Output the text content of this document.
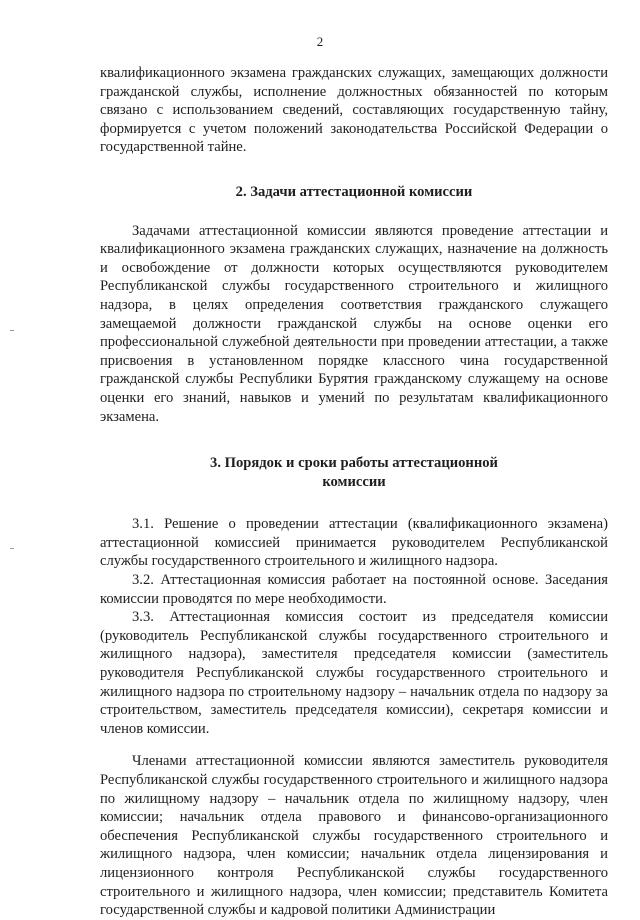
2

квалификационного экзамена гражданских служащих, замещающих должности гражданской службы, исполнение должностных обязанностей по которым связано с использованием сведений, составляющих государственную тайну, формируется с учетом положений законодательства Российской Федерации о государственной тайне.

2. Задачи аттестационной комиссии

Задачами аттестационной комиссии являются проведение аттестации и квалификационного экзамена гражданских служащих, назначение на должность и освобождение от должности которых осуществляются руководителем Республиканской службы государственного строительного и жилищного надзора, в целях определения соответствия гражданского служащего замещаемой должности гражданской службы на основе оценки его профессиональной служебной деятельности при проведении аттестации, а также присвоения в установленном порядке классного чина государственной гражданской службы Республики Бурятия гражданскому служащему на основе оценки его знаний, навыков и умений по результатам квалификационного экзамена.

3. Порядок и сроки работы аттестационной
комиссии

3.1. Решение о проведении аттестации (квалификационного экзамена) аттестационной комиссией принимается руководителем Республиканской службы государственного строительного и жилищного надзора.

3.2. Аттестационная комиссия работает на постоянной основе. Заседания комиссии проводятся по мере необходимости.

3.3. Аттестационная комиссия состоит из председателя комиссии (руководитель Республиканской службы государственного строительного и жилищного надзора), заместителя председателя комиссии (заместитель руководителя Республиканской службы государственного строительного и жилищного надзора по строительному надзору – начальник отдела по надзору за строительством, заместитель председателя комиссии), секретаря комиссии и членов комиссии.

Членами аттестационной комиссии являются заместитель руководителя Республиканской службы государственного строительного и жилищного надзора по жилищному надзору – начальник отдела по жилищному надзору, член комиссии; начальник отдела правового и финансово-организационного обеспечения Республиканской службы государственного строительного и жилищного надзора, член комиссии; начальник отдела лицензирования и лицензионного контроля Республиканской службы государственного строительного и жилищного надзора, член комиссии; представитель Комитета государственной службы и кадровой политики Администрации
